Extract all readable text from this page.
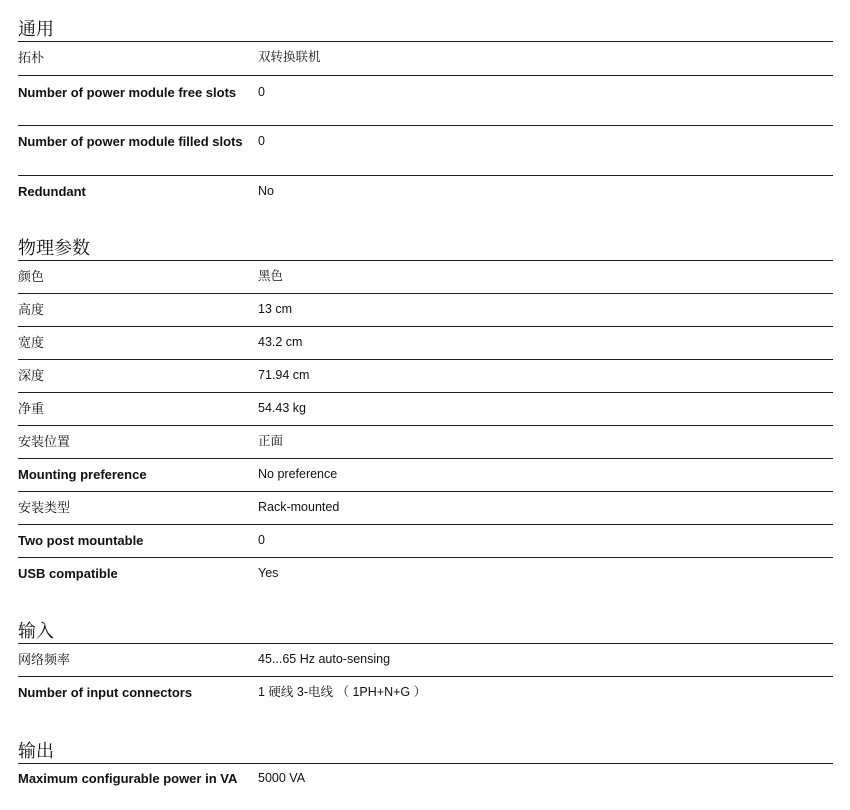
通用
拓朴	双转换联机
Number of power module free slots	0
Number of power module filled slots 0
Redundant	No
物理参数
颜色	黑色
高度	13 cm
宽度	43.2 cm
深度	71.94 cm
净重	54.43 kg
安装位置	正面
Mounting preference	No preference
安装类型	Rack-mounted
Two post mountable	0
USB compatible	Yes
输入
网络频率	45...65 Hz auto-sensing
Number of input connectors	1 硬线 3-电线 （ 1PH+N+G ）
输出
Maximum configurable power in VA	5000 VA
